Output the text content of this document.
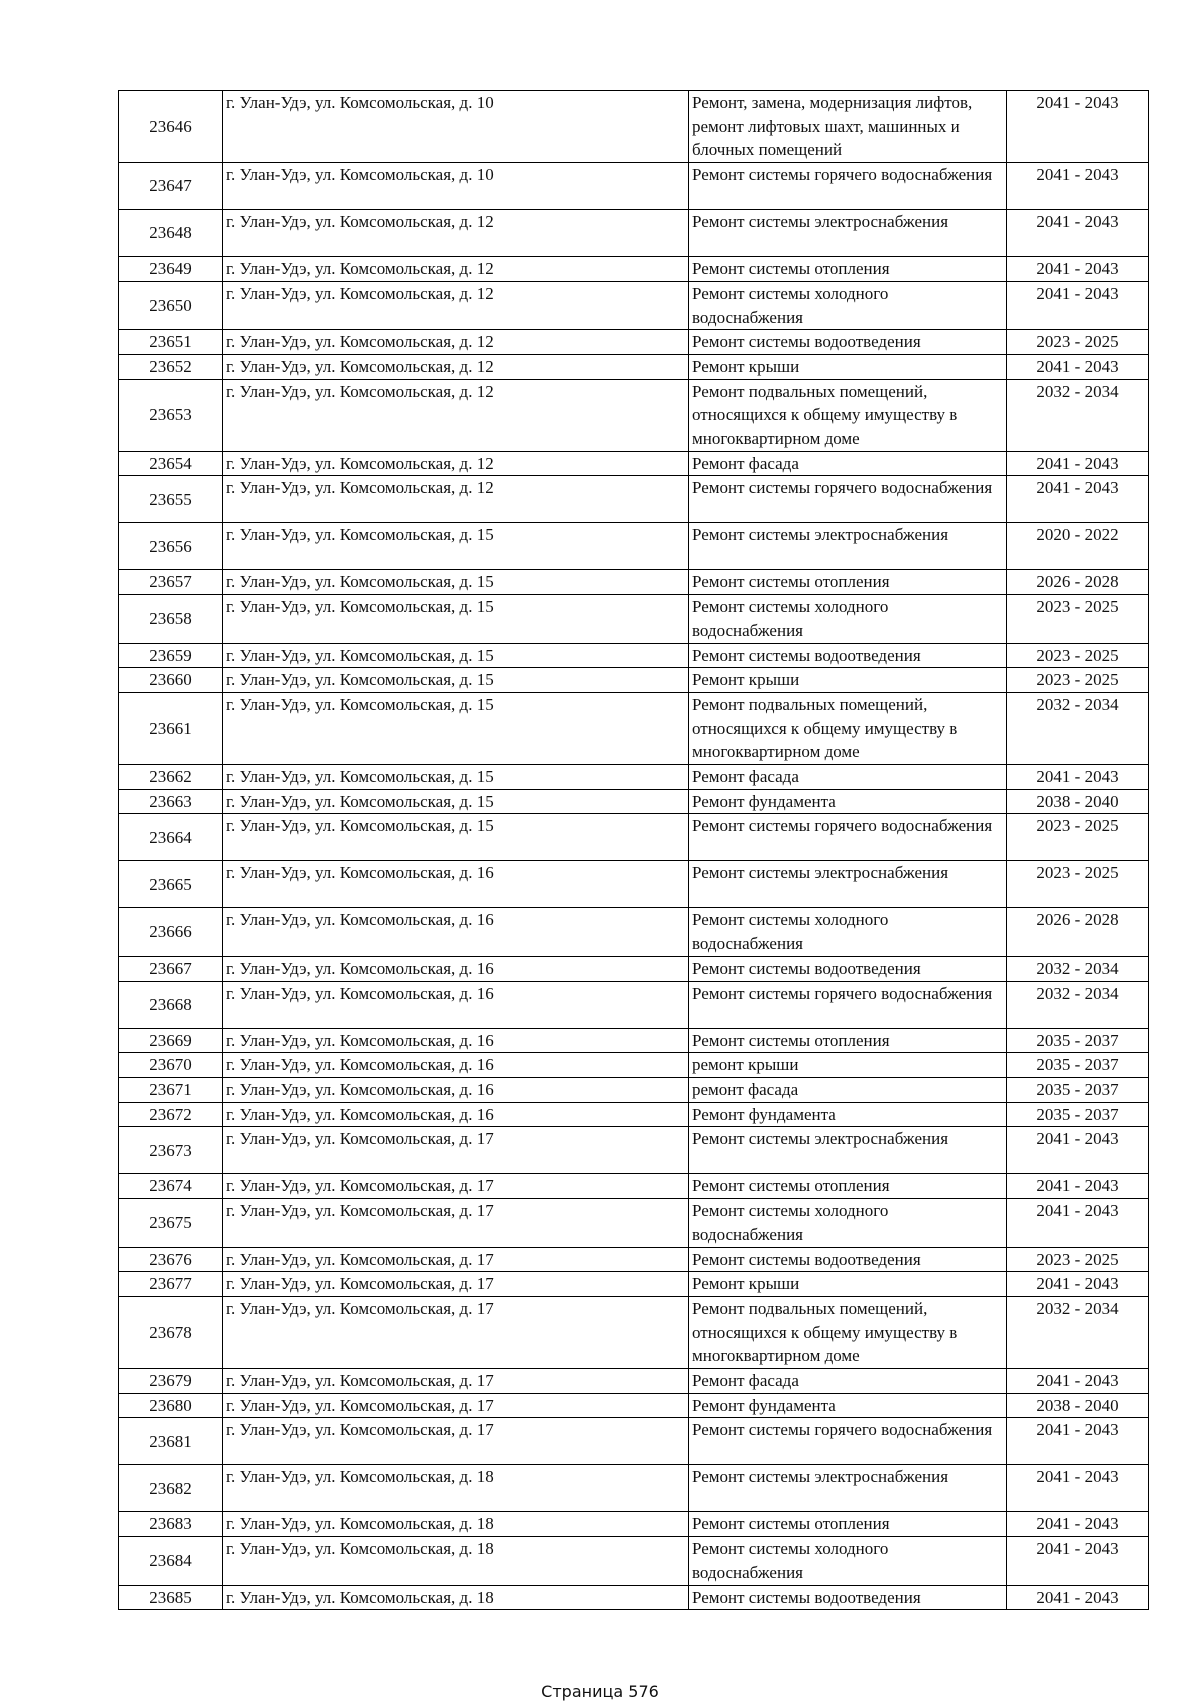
23646	г. Улан-Удэ, ул. Комсомольская, д. 10	Ремонт, замена, модернизация лифтов, ремонт лифтовых шахт, машинных и блочных помещений	2041 - 2043
23647	г. Улан-Удэ, ул. Комсомольская, д. 10	Ремонт системы горячего водоснабжения	2041 - 2043
23648	г. Улан-Удэ, ул. Комсомольская, д. 12	Ремонт системы электроснабжения	2041 - 2043
23649	г. Улан-Удэ, ул. Комсомольская, д. 12	Ремонт системы отопления	2041 - 2043
23650	г. Улан-Удэ, ул. Комсомольская, д. 12	Ремонт системы холодного водоснабжения	2041 - 2043
23651	г. Улан-Удэ, ул. Комсомольская, д. 12	Ремонт системы водоотведения	2023 - 2025
23652	г. Улан-Удэ, ул. Комсомольская, д. 12	Ремонт крыши	2041 - 2043
23653	г. Улан-Удэ, ул. Комсомольская, д. 12	Ремонт подвальных помещений, относящихся к общему имуществу в многоквартирном доме	2032 - 2034
23654	г. Улан-Удэ, ул. Комсомольская, д. 12	Ремонт фасада	2041 - 2043
23655	г. Улан-Удэ, ул. Комсомольская, д. 12	Ремонт системы горячего водоснабжения	2041 - 2043
23656	г. Улан-Удэ, ул. Комсомольская, д. 15	Ремонт системы электроснабжения	2020 - 2022
23657	г. Улан-Удэ, ул. Комсомольская, д. 15	Ремонт системы отопления	2026 - 2028
23658	г. Улан-Удэ, ул. Комсомольская, д. 15	Ремонт системы холодного водоснабжения	2023 - 2025
23659	г. Улан-Удэ, ул. Комсомольская, д. 15	Ремонт системы водоотведения	2023 - 2025
23660	г. Улан-Удэ, ул. Комсомольская, д. 15	Ремонт крыши	2023 - 2025
23661	г. Улан-Удэ, ул. Комсомольская, д. 15	Ремонт подвальных помещений, относящихся к общему имуществу в многоквартирном доме	2032 - 2034
23662	г. Улан-Удэ, ул. Комсомольская, д. 15	Ремонт фасада	2041 - 2043
23663	г. Улан-Удэ, ул. Комсомольская, д. 15	Ремонт фундамента	2038 - 2040
23664	г. Улан-Удэ, ул. Комсомольская, д. 15	Ремонт системы горячего водоснабжения	2023 - 2025
23665	г. Улан-Удэ, ул. Комсомольская, д. 16	Ремонт системы электроснабжения	2023 - 2025
23666	г. Улан-Удэ, ул. Комсомольская, д. 16	Ремонт системы холодного водоснабжения	2026 - 2028
23667	г. Улан-Удэ, ул. Комсомольская, д. 16	Ремонт системы водоотведения	2032 - 2034
23668	г. Улан-Удэ, ул. Комсомольская, д. 16	Ремонт системы горячего водоснабжения	2032 - 2034
23669	г. Улан-Удэ, ул. Комсомольская, д. 16	Ремонт системы отопления	2035 - 2037
23670	г. Улан-Удэ, ул. Комсомольская, д. 16	ремонт крыши	2035 - 2037
23671	г. Улан-Удэ, ул. Комсомольская, д. 16	ремонт фасада	2035 - 2037
23672	г. Улан-Удэ, ул. Комсомольская, д. 16	Ремонт фундамента	2035 - 2037
23673	г. Улан-Удэ, ул. Комсомольская, д. 17	Ремонт системы электроснабжения	2041 - 2043
23674	г. Улан-Удэ, ул. Комсомольская, д. 17	Ремонт системы отопления	2041 - 2043
23675	г. Улан-Удэ, ул. Комсомольская, д. 17	Ремонт системы холодного водоснабжения	2041 - 2043
23676	г. Улан-Удэ, ул. Комсомольская, д. 17	Ремонт системы водоотведения	2023 - 2025
23677	г. Улан-Удэ, ул. Комсомольская, д. 17	Ремонт крыши	2041 - 2043
23678	г. Улан-Удэ, ул. Комсомольская, д. 17	Ремонт подвальных помещений, относящихся к общему имуществу в многоквартирном доме	2032 - 2034
23679	г. Улан-Удэ, ул. Комсомольская, д. 17	Ремонт фасада	2041 - 2043
23680	г. Улан-Удэ, ул. Комсомольская, д. 17	Ремонт фундамента	2038 - 2040
23681	г. Улан-Удэ, ул. Комсомольская, д. 17	Ремонт системы горячего водоснабжения	2041 - 2043
23682	г. Улан-Удэ, ул. Комсомольская, д. 18	Ремонт системы электроснабжения	2041 - 2043
23683	г. Улан-Удэ, ул. Комсомольская, д. 18	Ремонт системы отопления	2041 - 2043
23684	г. Улан-Удэ, ул. Комсомольская, д. 18	Ремонт системы холодного водоснабжения	2041 - 2043
23685	г. Улан-Удэ, ул. Комсомольская, д. 18	Ремонт системы водоотведения	2041 - 2043
Страница 576
